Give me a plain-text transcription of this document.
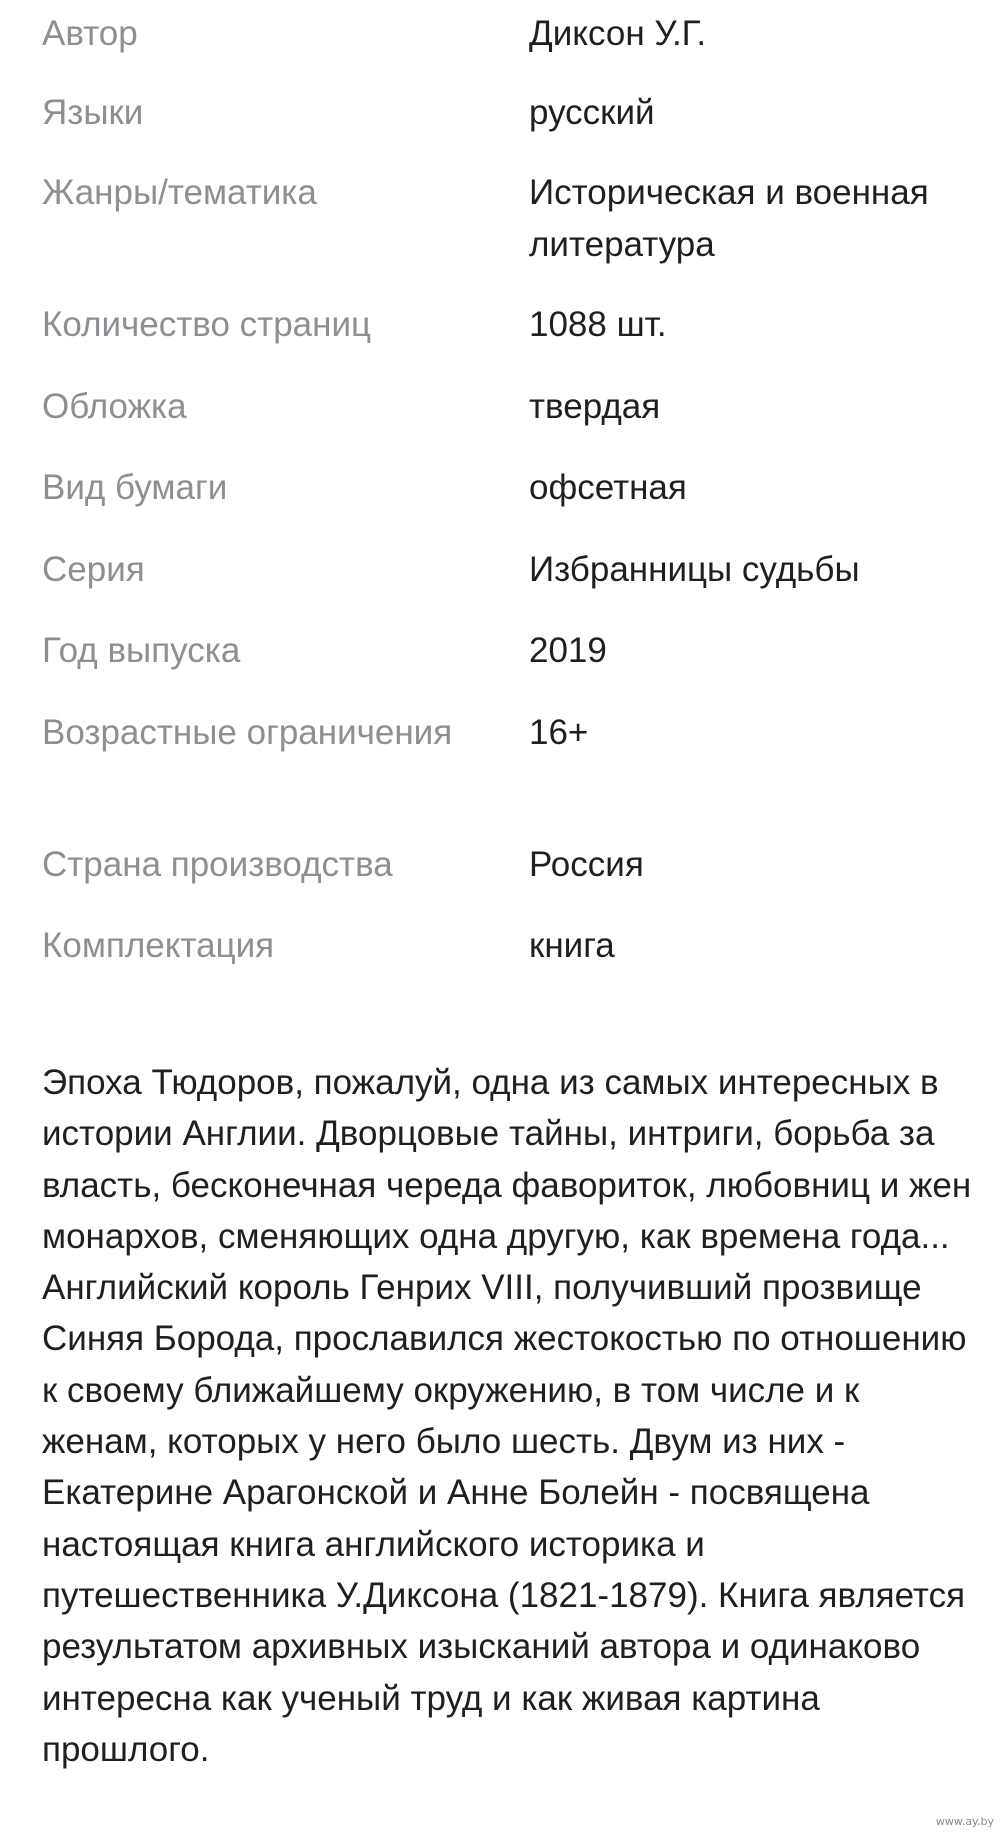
Автор	Диксон У.Г.
Языки	русский
Жанры/тематика	Историческая и военная литература
Количество страниц	1088 шт.
Обложка	твердая
Вид бумаги	офсетная
Серия	Избранницы судьбы
Год выпуска	2019
Возрастные ограничения	16+
Страна производства	Россия
Комплектация	книга

Эпоха Тюдоров, пожалуй, одна из самых интересных в истории Англии. Дворцовые тайны, интриги, борьба за власть, бесконечная череда фавориток, любовниц и жен монархов, сменяющих одна другую, как времена года... Английский король Генрих VIII, получивший прозвище Синяя Борода, прославился жестокостью по отношению к своему ближайшему окружению, в том числе и к женам, которых у него было шесть. Двум из них - Екатерине Арагонской и Анне Болейн - посвящена настоящая книга английского историка и путешественника У.Диксона (1821-1879). Книга является результатом архивных изысканий автора и одинаково интересна как ученый труд и как живая картина прошлого.

www.ay.by
